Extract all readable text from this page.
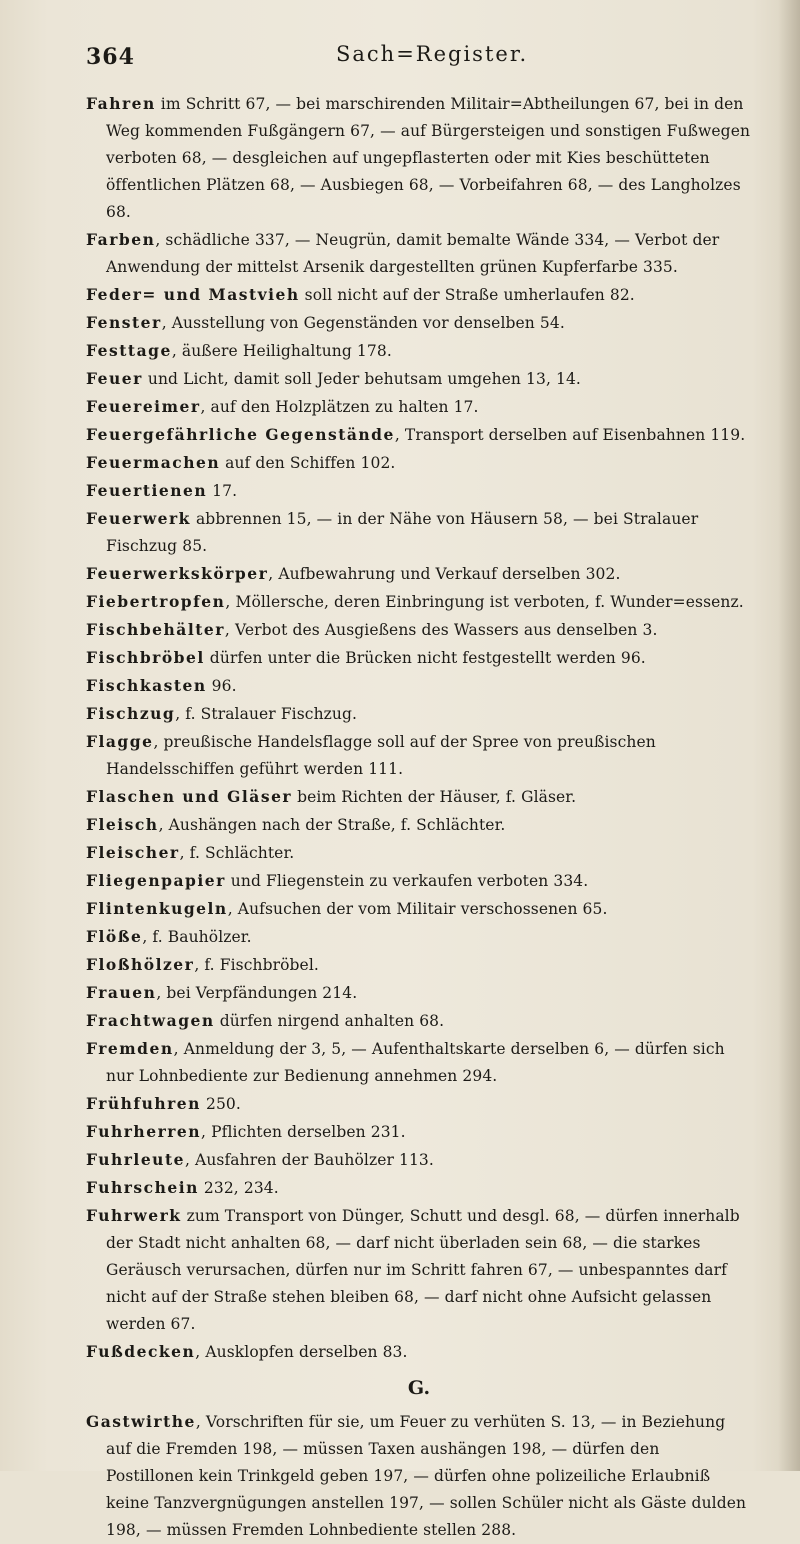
364	Sach=Register.

Fahren im Schritt 67, — bei marschirenden Militair=Abtheilungen 67, bei in den Weg kommenden Fußgängern 67, — auf Bürgersteigen und sonstigen Fußwegen verboten 68, — desgleichen auf ungepflasterten oder mit Kies beschütteten öffentlichen Plätzen 68, — Ausbiegen 68, — Vorbeifahren 68, — des Langholzes 68.

Farben, schädliche 337, — Neugrün, damit bemalte Wände 334, — Verbot der Anwendung der mittelst Arsenik dargestellten grünen Kupferfarbe 335.

Feder= und Mastvieh soll nicht auf der Straße umherlaufen 82.

Fenster, Ausstellung von Gegenständen vor denselben 54.

Festtage, äußere Heilighaltung 178.

Feuer und Licht, damit soll Jeder behutsam umgehen 13, 14.

Feuereimer, auf den Holzplätzen zu halten 17.

Feuergefährliche Gegenstände, Transport derselben auf Eisenbahnen 119.

Feuermachen auf den Schiffen 102.

Feuertienen 17.

Feuerwerk abbrennen 15, — in der Nähe von Häusern 58, — bei Stralauer Fischzug 85.

Feuerwerkskörper, Aufbewahrung und Verkauf derselben 302.

Fiebertropfen, Möllersche, deren Einbringung ist verboten, f. Wunder=essenz.

Fischbehälter, Verbot des Ausgießens des Wassers aus denselben 3.

Fischbröbel dürfen unter die Brücken nicht festgestellt werden 96.

Fischkasten 96.

Fischzug, f. Stralauer Fischzug.

Flagge, preußische Handelsflagge soll auf der Spree von preußischen Handelsschiffen geführt werden 111.

Flaschen und Gläser beim Richten der Häuser, f. Gläser.

Fleisch, Aushängen nach der Straße, f. Schlächter.

Fleischer, f. Schlächter.

Fliegenpapier und Fliegenstein zu verkaufen verboten 334.

Flintenkugeln, Aufsuchen der vom Militair verschossenen 65.

Flöße, f. Bauhölzer.

Floßhölzer, f. Fischbröbel.

Frauen, bei Verpfändungen 214.

Frachtwagen dürfen nirgend anhalten 68.

Fremden, Anmeldung der 3, 5, — Aufenthaltskarte derselben 6, — dürfen sich nur Lohnbediente zur Bedienung annehmen 294.

Frühfuhren 250.

Fuhrherren, Pflichten derselben 231.

Fuhrleute, Ausfahren der Bauhölzer 113.

Fuhrschein 232, 234.

Fuhrwerk zum Transport von Dünger, Schutt und desgl. 68, — dürfen innerhalb der Stadt nicht anhalten 68, — darf nicht überladen sein 68, — die starkes Geräusch verursachen, dürfen nur im Schritt fahren 67, — unbespanntes darf nicht auf der Straße stehen bleiben 68, — darf nicht ohne Aufsicht gelassen werden 67.

Fußdecken, Ausklopfen derselben 83.

G.

Gastwirthe, Vorschriften für sie, um Feuer zu verhüten S. 13, — in Beziehung auf die Fremden 198, — müssen Taxen aushängen 198, — dürfen den Postillonen kein Trinkgeld geben 197, — dürfen ohne polizeiliche Erlaubniß keine Tanzvergnügungen anstellen 197, — sollen Schüler nicht als Gäste dulden 198, — müssen Fremden Lohnbediente stellen 288.
